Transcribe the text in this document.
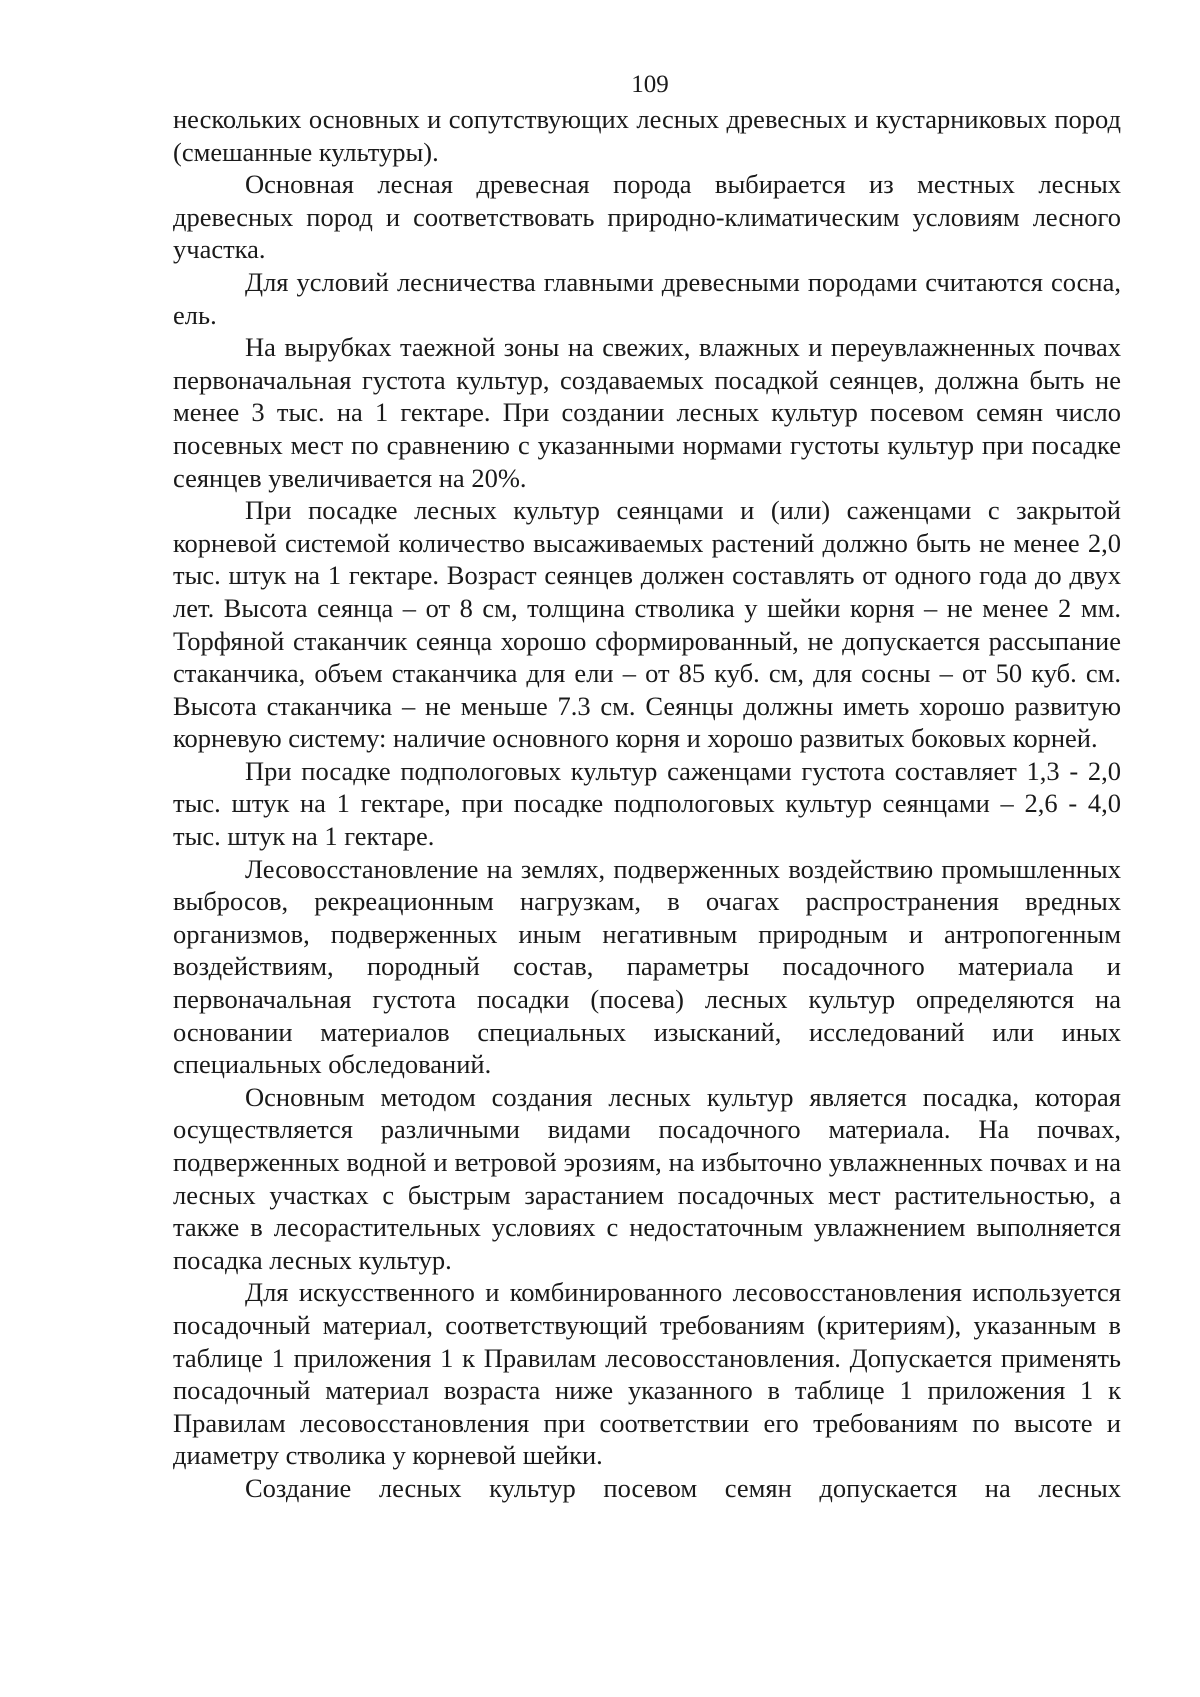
109

нескольких основных и сопутствующих лесных древесных и кустарниковых пород (смешанные культуры).

Основная лесная древесная порода выбирается из местных лесных древесных пород и соответствовать природно-климатическим условиям лесного участка.

Для условий лесничества главными древесными породами считаются сосна, ель.

На вырубках таежной зоны на свежих, влажных и переувлажненных почвах первоначальная густота культур, создаваемых посадкой сеянцев, должна быть не менее 3 тыс. на 1 гектаре. При создании лесных культур посевом семян число посевных мест по сравнению с указанными нормами густоты культур при посадке сеянцев увеличивается на 20%.

При посадке лесных культур сеянцами и (или) саженцами с закрытой корневой системой количество высаживаемых растений должно быть не менее 2,0 тыс. штук на 1 гектаре. Возраст сеянцев должен составлять от одного года до двух лет. Высота сеянца – от 8 см, толщина стволика у шейки корня – не менее 2 мм. Торфяной стаканчик сеянца хорошо сформированный, не допускается рассыпание стаканчика, объем стаканчика для ели – от 85 куб. см, для сосны – от 50 куб. см. Высота стаканчика – не меньше 7.3 см. Сеянцы должны иметь хорошо развитую корневую систему: наличие основного корня и хорошо развитых боковых корней.

При посадке подпологовых культур саженцами густота составляет 1,3 - 2,0 тыс. штук на 1 гектаре, при посадке подпологовых культур сеянцами – 2,6 - 4,0 тыс. штук на 1 гектаре.

Лесовосстановление на землях, подверженных воздействию промышленных выбросов, рекреационным нагрузкам, в очагах распространения вредных организмов, подверженных иным негативным природным и антропогенным воздействиям, породный состав, параметры посадочного материала и первоначальная густота посадки (посева) лесных культур определяются на основании материалов специальных изысканий, исследований или иных специальных обследований.

Основным методом создания лесных культур является посадка, которая осуществляется различными видами посадочного материала. На почвах, подверженных водной и ветровой эрозиям, на избыточно увлажненных почвах и на лесных участках с быстрым зарастанием посадочных мест растительностью, а также в лесорастительных условиях с недостаточным увлажнением выполняется посадка лесных культур.

Для искусственного и комбинированного лесовосстановления используется посадочный материал, соответствующий требованиям (критериям), указанным в таблице 1 приложения 1 к Правилам лесовосстановления. Допускается применять посадочный материал возраста ниже указанного в таблице 1 приложения 1 к Правилам лесовосстановления при соответствии его требованиям по высоте и диаметру стволика у корневой шейки.

Создание лесных культур посевом семян допускается на лесных
